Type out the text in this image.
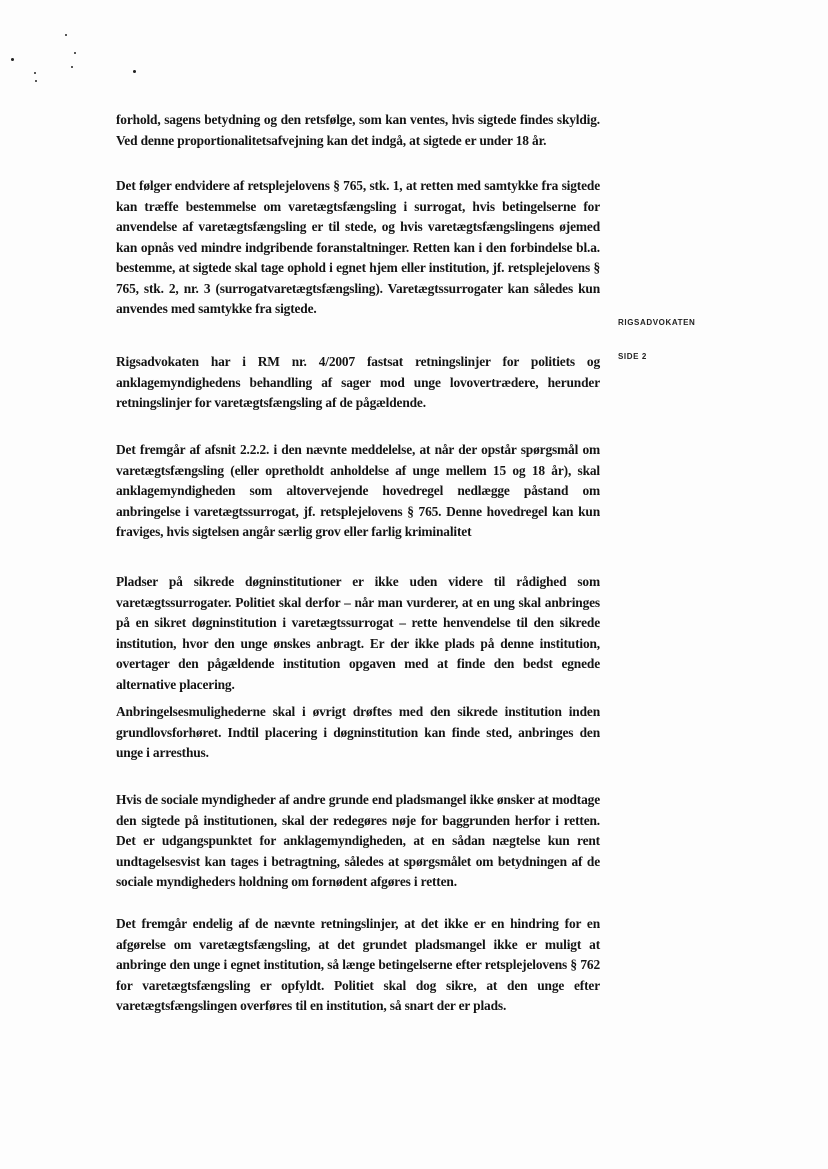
forhold, sagens betydning og den retsfølge, som kan ventes, hvis sigtede findes skyldig. Ved denne proportionalitetsafvejning kan det indgå, at sigtede er under 18 år.

Det følger endvidere af retsplejelovens § 765, stk. 1, at retten med samtykke fra sigtede kan træffe bestemmelse om varetægtsfængsling i surrogat, hvis betingelserne for anvendelse af varetægtsfængsling er til stede, og hvis varetægtsfængslingens øjemed kan opnås ved mindre indgribende foranstaltninger. Retten kan i den forbindelse bl.a. bestemme, at sigtede skal tage ophold i egnet hjem eller institution, jf. retsplejelovens § 765, stk. 2, nr. 3 (surrogatvaretægtsfængsling). Varetægtssurrogater kan således kun anvendes med samtykke fra sigtede.

Rigsadvokaten har i RM nr. 4/2007 fastsat retningslinjer for politiets og anklagemyndighedens behandling af sager mod unge lovovertrædere, herunder retningslinjer for varetægtsfængsling af de pågældende.

Det fremgår af afsnit 2.2.2. i den nævnte meddelelse, at når der opstår spørgsmål om varetægtsfængsling (eller opretholdt anholdelse af unge mellem 15 og 18 år), skal anklagemyndigheden som altovervejende hovedregel nedlægge påstand om anbringelse i varetægtssurrogat, jf. retsplejelovens § 765. Denne hovedregel kan kun fraviges, hvis sigtelsen angår særlig grov eller farlig kriminalitet

Pladser på sikrede døgninstitutioner er ikke uden videre til rådighed som varetægtssurrogater. Politiet skal derfor – når man vurderer, at en ung skal anbringes på en sikret døgninstitution i varetægtssurrogat – rette henvendelse til den sikrede institution, hvor den unge ønskes anbragt. Er der ikke plads på denne institution, overtager den pågældende institution opgaven med at finde den bedst egnede alternative placering.

Anbringelsesmulighederne skal i øvrigt drøftes med den sikrede institution inden grundlovsforhøret. Indtil placering i døgninstitution kan finde sted, anbringes den unge i arresthus.

Hvis de sociale myndigheder af andre grunde end pladsmangel ikke ønsker at modtage den sigtede på institutionen, skal der redegøres nøje for baggrunden herfor i retten. Det er udgangspunktet for anklagemyndigheden, at en sådan nægtelse kun rent undtagelsesvist kan tages i betragtning, således at spørgsmålet om betydningen af de sociale myndigheders holdning om fornødent afgøres i retten.

Det fremgår endelig af de nævnte retningslinjer, at det ikke er en hindring for en afgørelse om varetægtsfængsling, at det grundet pladsmangel ikke er muligt at anbringe den unge i egnet institution, så længe betingelserne efter retsplejelovens § 762 for varetægtsfængsling er opfyldt. Politiet skal dog sikre, at den unge efter varetægtsfængslingen overføres til en institution, så snart der er plads.

RIGSADVOKATEN
SIDE 2
